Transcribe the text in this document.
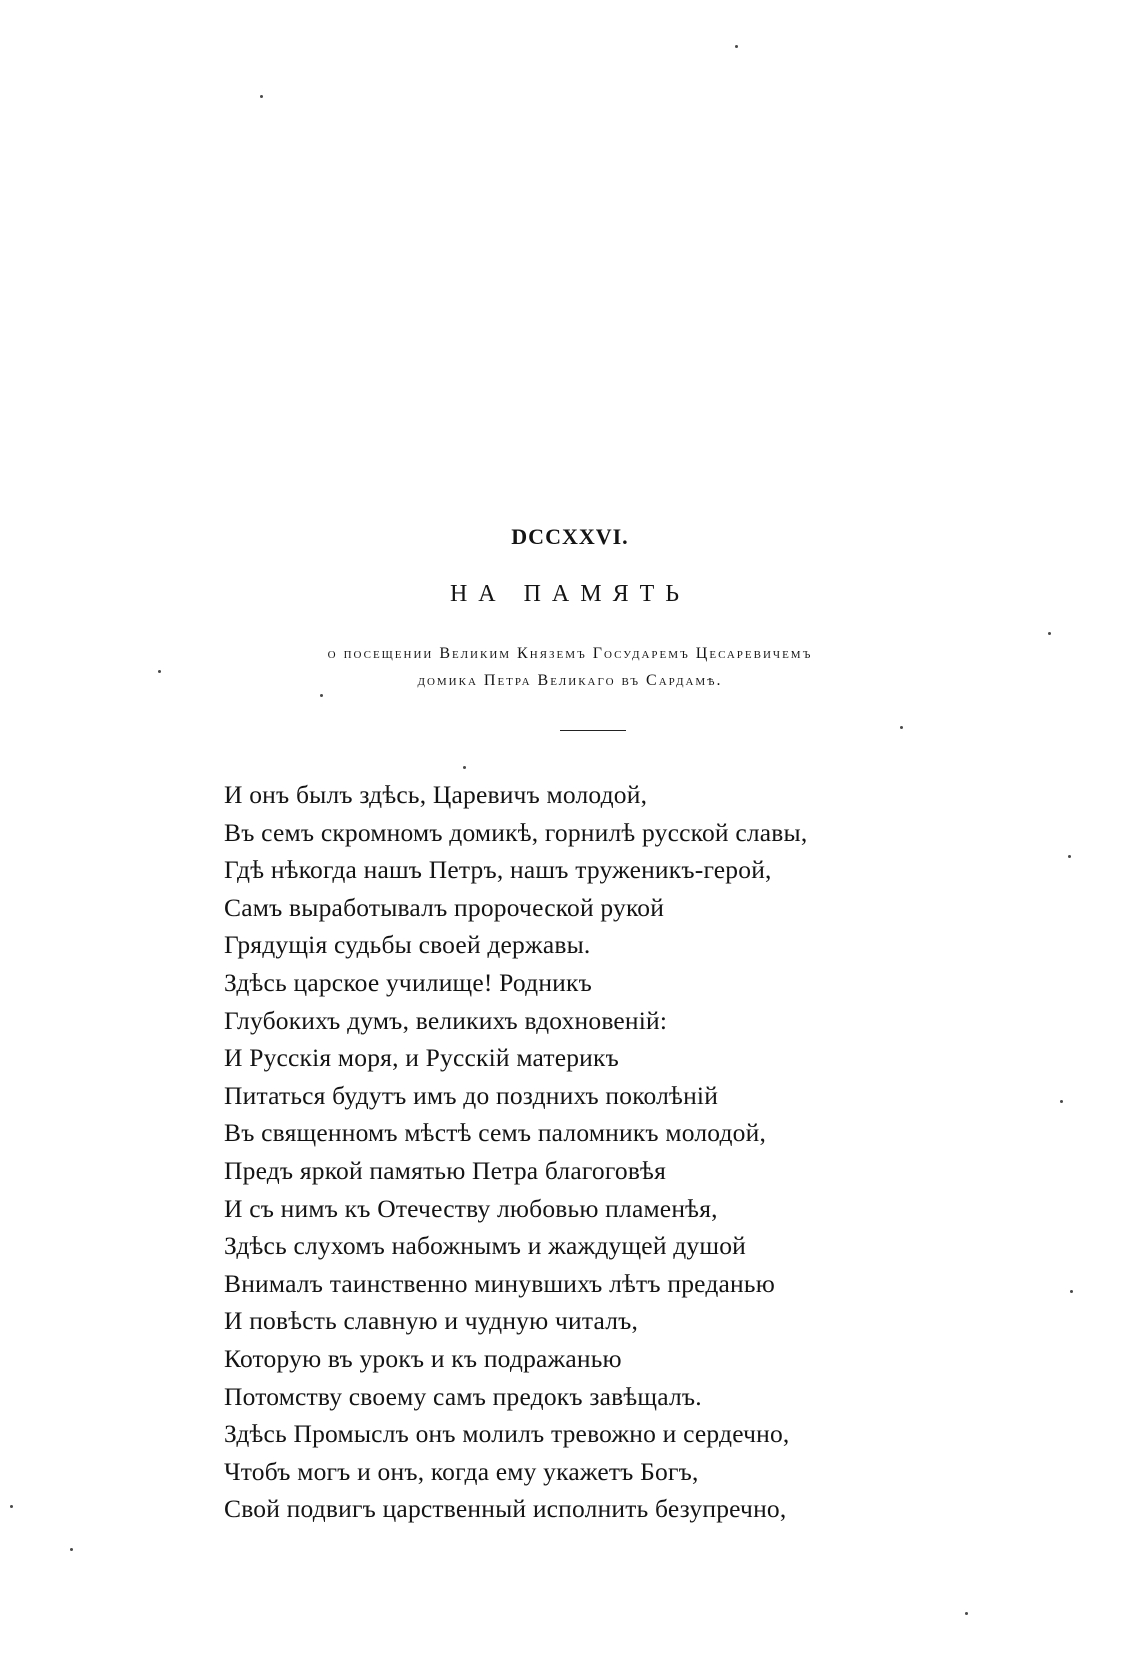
DCCXXVI.
НА ПАМЯТЬ
о посещении Великим Княземъ Государемъ Цесаревичемъ
домика Петра Великаго въ Сардамѣ.
И онъ былъ здѣсь, Царевичъ молодой,
Въ семъ скромномъ домикѣ, горнилѣ русской славы,
Гдѣ нѣкогда нашъ Петръ, нашъ труженикъ-герой,
Самъ выработывалъ пророческой рукой
Грядущія судьбы своей державы.
Здѣсь царское училище! Родникъ
Глубокихъ думъ, великихъ вдохновеній:
И Русскія моря, и Русскій материкъ
Питаться будутъ имъ до позднихъ поколѣній
Въ священномъ мѣстѣ семъ паломникъ молодой,
Предъ яркой памятью Петра благоговѣя
И съ нимъ къ Отечеству любовью пламенѣя,
Здѣсь слухомъ набожнымъ и жаждущей душой
Внималъ таинственно минувшихъ лѣтъ преданью
И повѣсть славную и чудную читалъ,
Которую въ урокъ и къ подражанью
Потомству своему самъ предокъ завѣщалъ.
Здѣсь Промыслъ онъ молилъ тревожно и сердечно,
Чтобъ могъ и онъ, когда ему укажетъ Богъ,
Свой подвигъ царственный исполнить безупречно,
